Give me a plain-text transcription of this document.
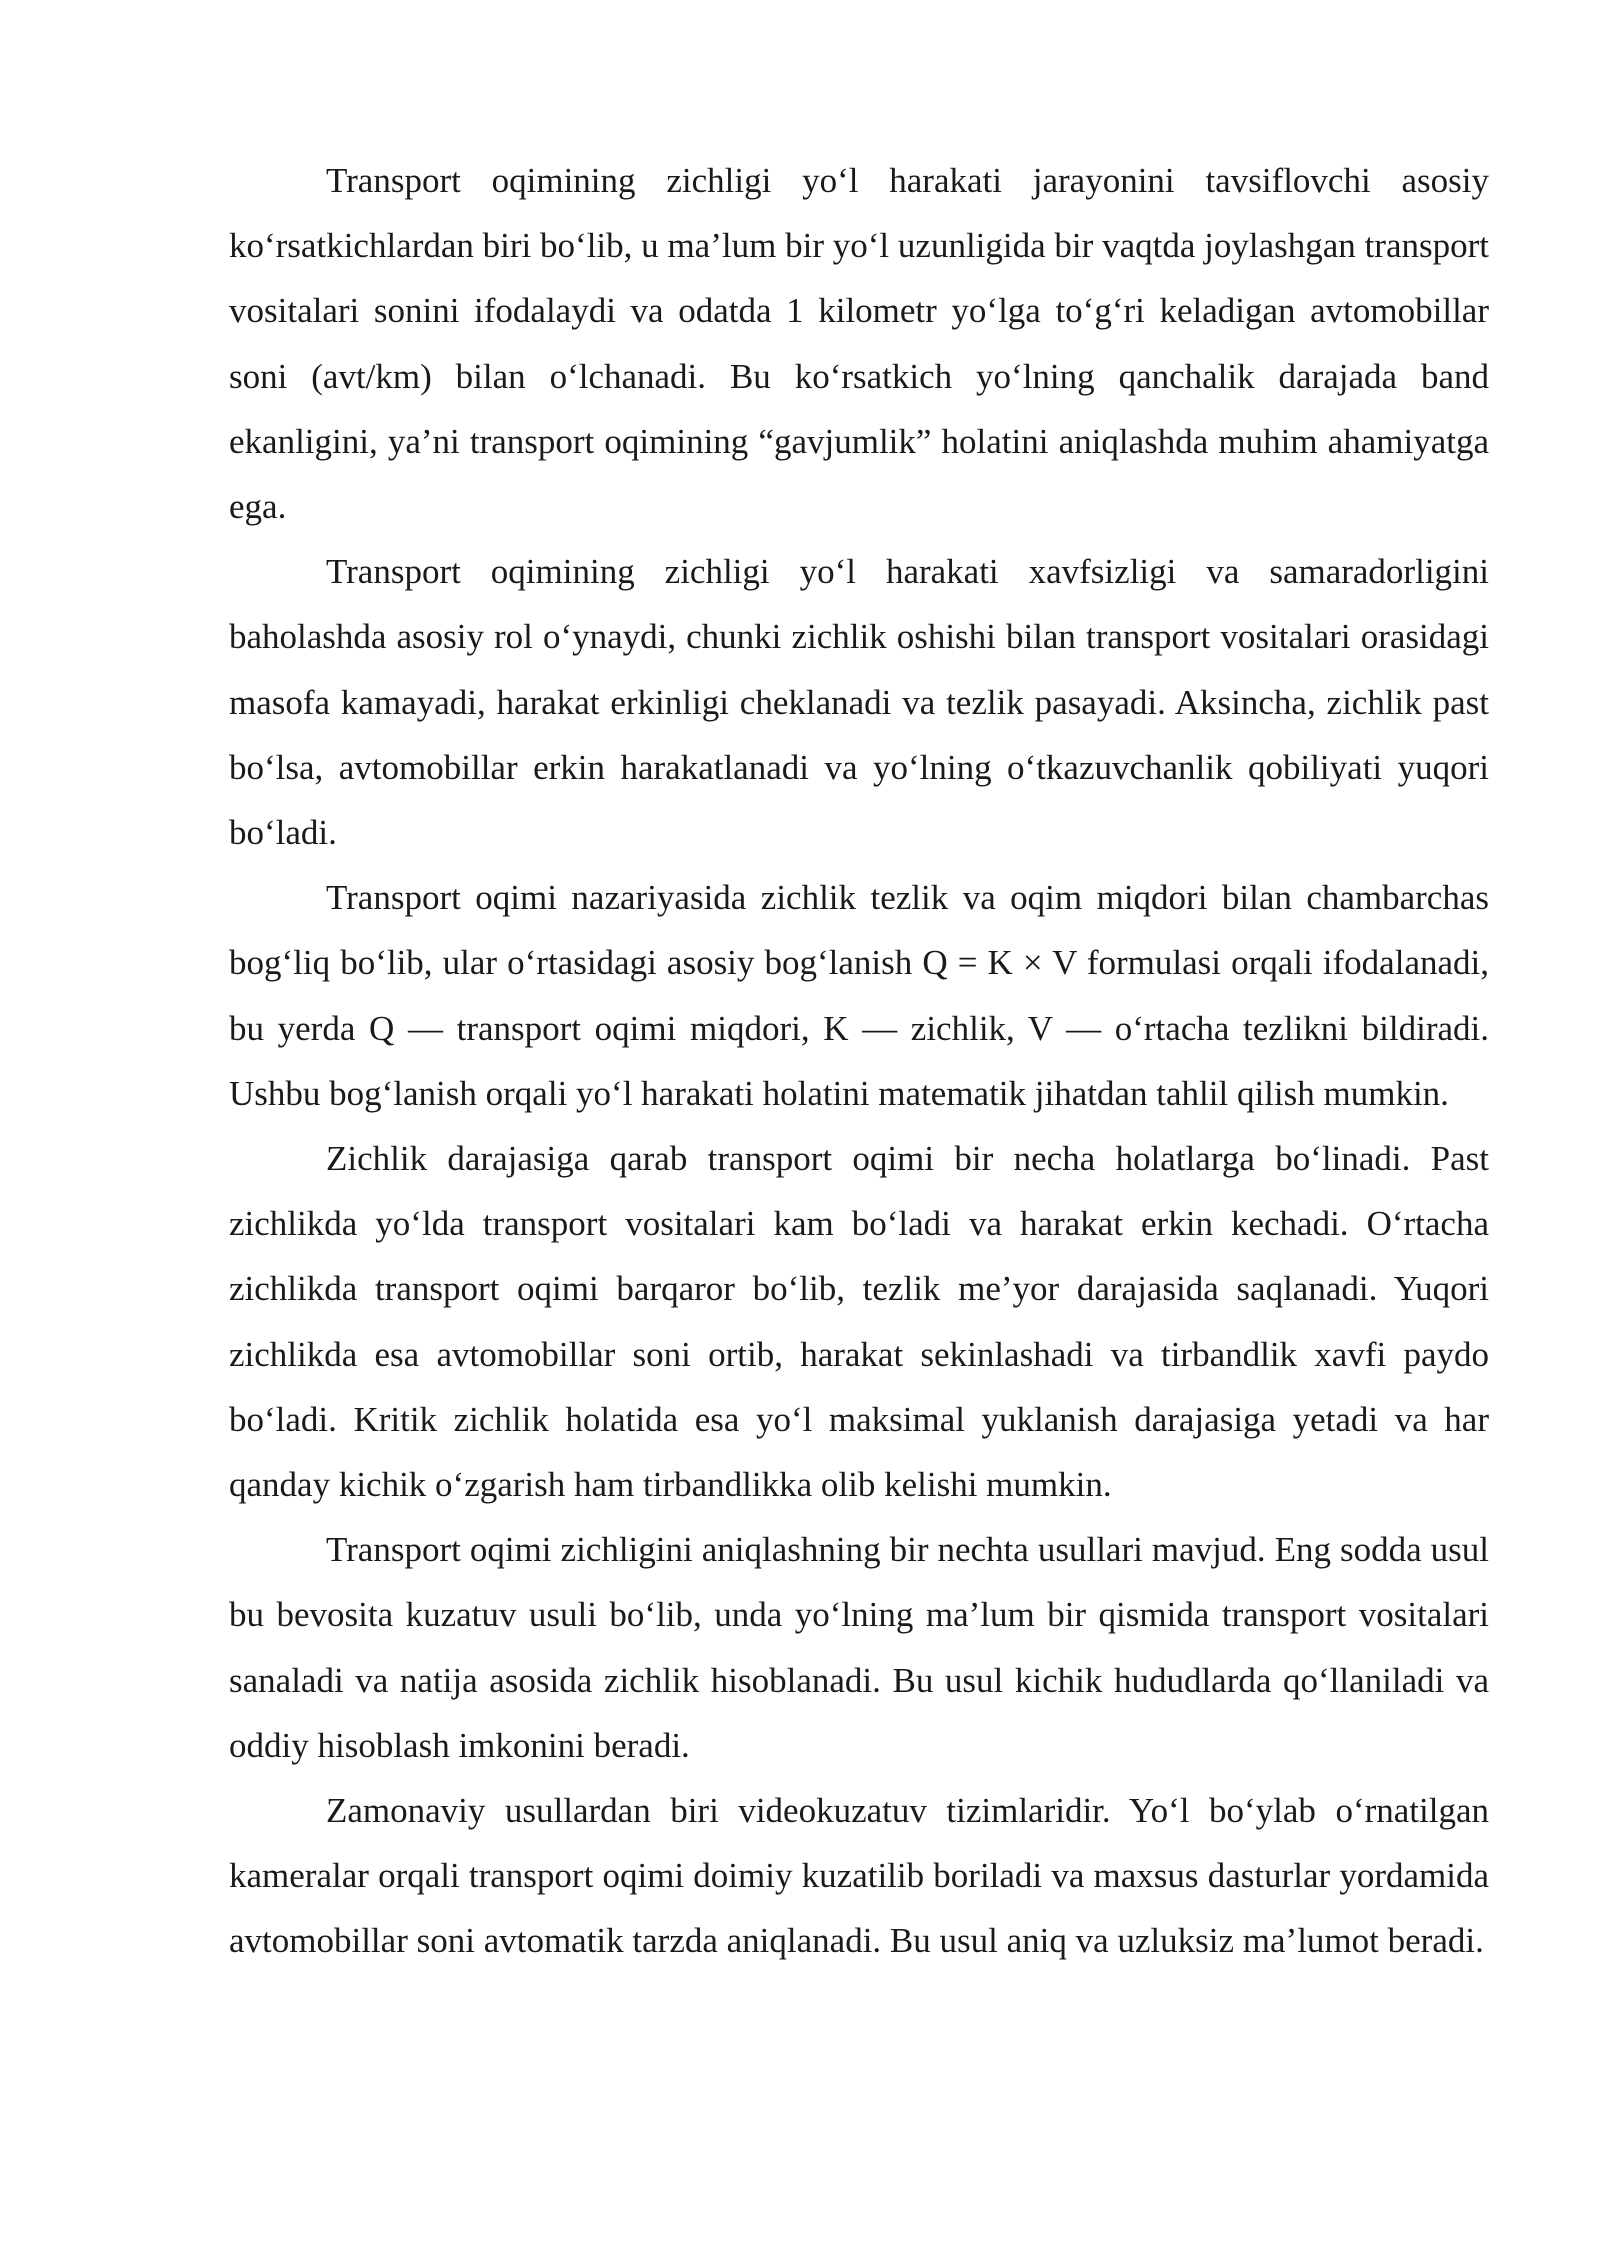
Transport oqimining zichligi yo‘l harakati jarayonini tavsiflovchi asosiy ko‘rsatkichlardan biri bo‘lib, u ma’lum bir yo‘l uzunligida bir vaqtda joylashgan transport vositalari sonini ifodalaydi va odatda 1 kilometr yo‘lga to‘g‘ri keladigan avtomobillar soni (avt/km) bilan o‘lchanadi. Bu ko‘rsatkich yo‘lning qanchalik darajada band ekanligini, ya’ni transport oqimining “gavjumlik” holatini aniqlashda muhim ahamiyatga ega.

Transport oqimining zichligi yo‘l harakati xavfsizligi va samaradorligini baholashda asosiy rol o‘ynaydi, chunki zichlik oshishi bilan transport vositalari orasidagi masofa kamayadi, harakat erkinligi cheklanadi va tezlik pasayadi. Aksincha, zichlik past bo‘lsa, avtomobillar erkin harakatlanadi va yo‘lning o‘tkazuvchanlik qobiliyati yuqori bo‘ladi.

Transport oqimi nazariyasida zichlik tezlik va oqim miqdori bilan chambarchas bog‘liq bo‘lib, ular o‘rtasidagi asosiy bog‘lanish Q = K × V formulasi orqali ifodalanadi, bu yerda Q — transport oqimi miqdori, K — zichlik, V — o‘rtacha tezlikni bildiradi. Ushbu bog‘lanish orqali yo‘l harakati holatini matematik jihatdan tahlil qilish mumkin.

Zichlik darajasiga qarab transport oqimi bir necha holatlarga bo‘linadi. Past zichlikda yo‘lda transport vositalari kam bo‘ladi va harakat erkin kechadi. O‘rtacha zichlikda transport oqimi barqaror bo‘lib, tezlik me’yor darajasida saqlanadi. Yuqori zichlikda esa avtomobillar soni ortib, harakat sekinlashadi va tirbandlik xavfi paydo bo‘ladi. Kritik zichlik holatida esa yo‘l maksimal yuklanish darajasiga yetadi va har qanday kichik o‘zgarish ham tirbandlikka olib kelishi mumkin.

Transport oqimi zichligini aniqlashning bir nechta usullari mavjud. Eng sodda usul bu bevosita kuzatuv usuli bo‘lib, unda yo‘lning ma’lum bir qismida transport vositalari sanaladi va natija asosida zichlik hisoblanadi. Bu usul kichik hududlarda qo‘llaniladi va oddiy hisoblash imkonini beradi.

Zamonaviy usullardan biri videokuzatuv tizimlaridir. Yo‘l bo‘ylab o‘rnatilgan kameralar orqali transport oqimi doimiy kuzatilib boriladi va maxsus dasturlar yordamida avtomobillar soni avtomatik tarzda aniqlanadi. Bu usul aniq va uzluksiz ma’lumot beradi.
